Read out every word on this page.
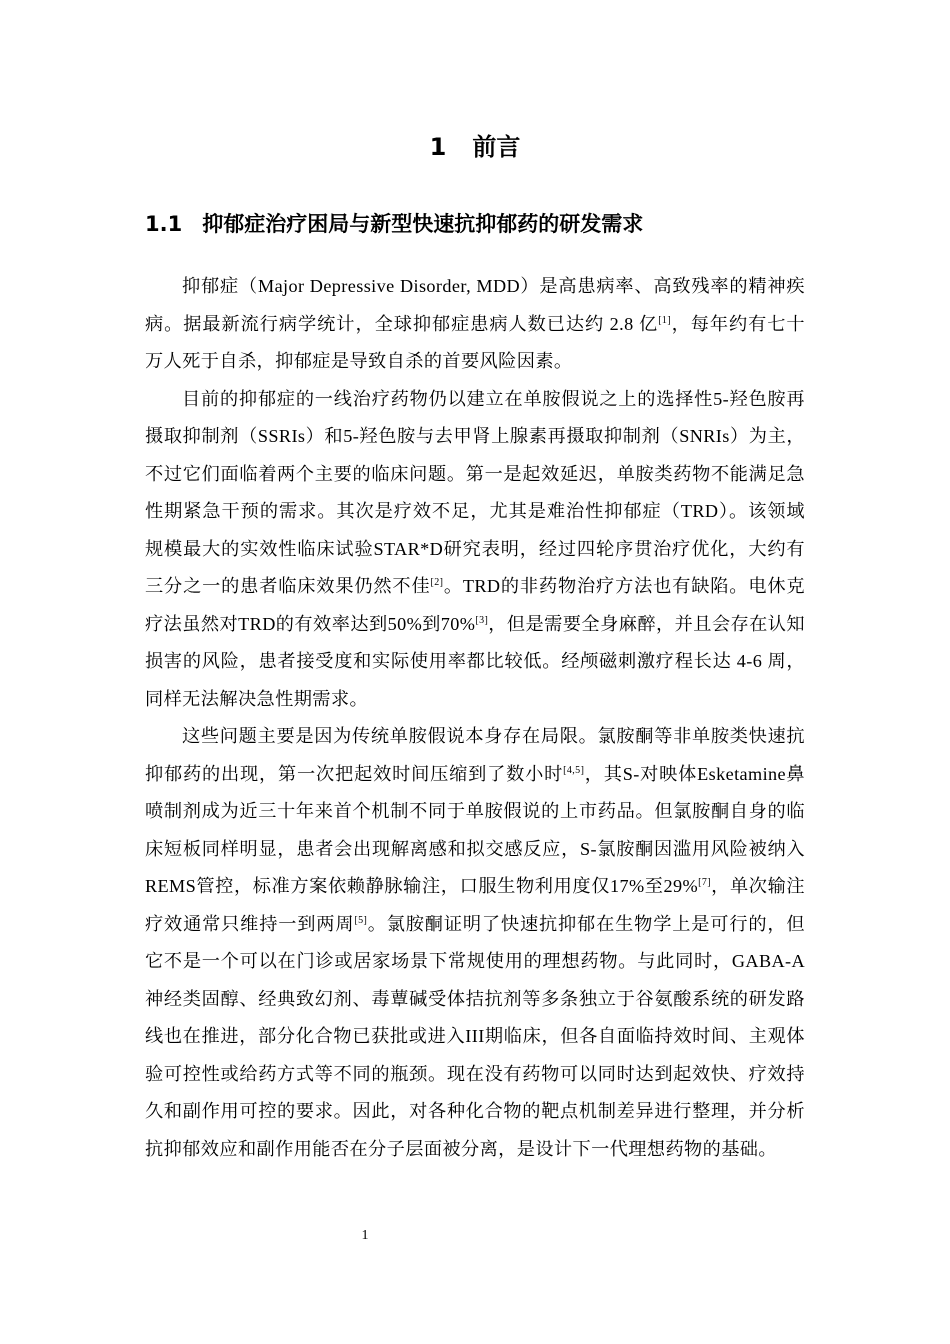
1 前言
1.1 抑郁症治疗困局与新型快速抗抑郁药的研发需求

抑郁症（Major Depressive Disorder, MDD）是高患病率、高致残率的精神疾病。据最新流行病学统计，全球抑郁症患病人数已达约 2.8 亿[1]，每年约有七十万人死于自杀，抑郁症是导致自杀的首要风险因素。

目前的抑郁症的一线治疗药物仍以建立在单胺假说之上的选择性5-羟色胺再摄取抑制剂（SSRIs）和5-羟色胺与去甲肾上腺素再摄取抑制剂（SNRIs）为主，不过它们面临着两个主要的临床问题。第一是起效延迟，单胺类药物不能满足急性期紧急干预的需求。其次是疗效不足，尤其是难治性抑郁症（TRD）。该领域规模最大的实效性临床试验STAR*D研究表明，经过四轮序贯治疗优化，大约有三分之一的患者临床效果仍然不佳[2]。TRD的非药物治疗方法也有缺陷。电休克疗法虽然对TRD的有效率达到50%到70%[3]，但是需要全身麻醉，并且会存在认知损害的风险，患者接受度和实际使用率都比较低。经颅磁刺激疗程长达 4-6 周，同样无法解决急性期需求。

这些问题主要是因为传统单胺假说本身存在局限。氯胺酮等非单胺类快速抗抑郁药的出现，第一次把起效时间压缩到了数小时[4,5]，其S-对映体Esketamine鼻喷制剂成为近三十年来首个机制不同于单胺假说的上市药品。但氯胺酮自身的临床短板同样明显，患者会出现解离感和拟交感反应，S-氯胺酮因滥用风险被纳入REMS管控，标准方案依赖静脉输注，口服生物利用度仅17%至29%[7]，单次输注疗效通常只维持一到两周[5]。氯胺酮证明了快速抗抑郁在生物学上是可行的，但它不是一个可以在门诊或居家场景下常规使用的理想药物。与此同时，GABA-A神经类固醇、经典致幻剂、毒蕈碱受体拮抗剂等多条独立于谷氨酸系统的研发路线也在推进，部分化合物已获批或进入III期临床，但各自面临持效时间、主观体验可控性或给药方式等不同的瓶颈。现在没有药物可以同时达到起效快、疗效持久和副作用可控的要求。因此，对各种化合物的靶点机制差异进行整理，并分析抗抑郁效应和副作用能否在分子层面被分离，是设计下一代理想药物的基础。

1
